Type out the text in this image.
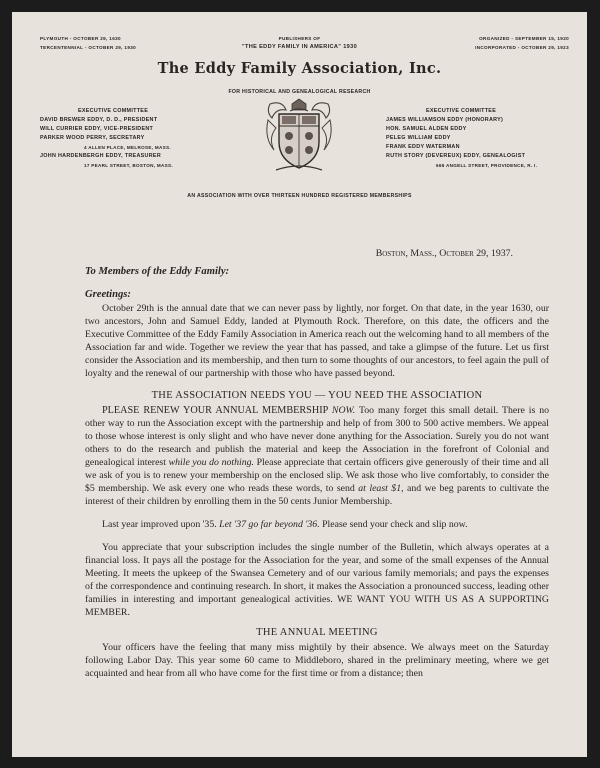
PLYMOUTH - OCTOBER 29, 1630
TERCENTENNIAL - OCTOBER 29, 1930
PUBLISHERS OF
"THE EDDY FAMILY IN AMERICA" 1930
ORGANIZED - SEPTEMBER 15, 1920
INCORPORATED - OCTOBER 29, 1923
The Eddy Family Association, Inc.
FOR HISTORICAL AND GENEALOGICAL RESEARCH
EXECUTIVE COMMITTEE
DAVID BREWER EDDY, D. D., PRESIDENT
WILL CURRIER EDDY, VICE-PRESIDENT
PARKER WOOD PERRY, SECRETARY
4 ALLEN PLACE, MELROSE, MASS.
JOHN HARDENBERGH EDDY, TREASURER
17 PEARL STREET, BOSTON, MASS.
EXECUTIVE COMMITTEE
JAMES WILLIAMSON EDDY (HONORARY)
HON. SAMUEL ALDEN EDDY
PELEG WILLIAM EDDY
FRANK EDDY WATERMAN
RUTH STORY (DEVEREUX) EDDY, GENEALOGIST
666 ANGELL STREET, PROVIDENCE, R. I.
AN ASSOCIATION WITH OVER THIRTEEN HUNDRED REGISTERED MEMBERSHIPS
Boston, Mass., October 29, 1937.
To Members of the Eddy Family:
Greetings:

October 29th is the annual date that we can never pass by lightly, nor forget. On that date, in the year 1630, our two ancestors, John and Samuel Eddy, landed at Plymouth Rock. Therefore, on this date, the officers and the Executive Committee of the Eddy Family Association in America reach out the welcoming hand to all members of the Association far and wide. Together we review the year that has passed, and take a glimpse of the future. Let us first consider the Association and its membership, and then turn to some thoughts of our ancestors, to feel again the pull of loyalty and the renewal of our partnership with those who have passed beyond.

THE ASSOCIATION NEEDS YOU — YOU NEED THE ASSOCIATION

PLEASE RENEW YOUR ANNUAL MEMBERSHIP NOW. Too many forget this small detail. There is no other way to run the Association except with the partnership and help of from 300 to 500 active members. We appeal to those whose interest is only slight and who have never done anything for the Association. Surely you do not want others to do the research and publish the material and keep the Association in the forefront of Colonial and genealogical interest while you do nothing. Please appreciate that certain officers give generously of their time and all we ask of you is to renew your membership on the enclosed slip. We ask those who live comfortably, to consider the $5 membership. We ask every one who reads these words, to send at least $1, and we beg parents to cultivate the interest of their children by enrolling them in the 50 cents Junior Membership.

Last year improved upon '35. Let '37 go far beyond '36. Please send your check and slip now.

You appreciate that your subscription includes the single number of the Bulletin, which always operates at a financial loss. It pays all the postage for the Association for the year, and some of the small expenses of the Annual Meeting. It meets the upkeep of the Swansea Cemetery and of our various family memorials; and pays the expenses of the correspondence and continuing research. In short, it makes the Association a pronounced success, leading other families in interesting and important genealogical activities. WE WANT YOU WITH US AS A SUPPORTING MEMBER.

THE ANNUAL MEETING

Your officers have the feeling that many miss mightily by their absence. We always meet on the Saturday following Labor Day. This year some 60 came to Middleboro, shared in the preliminary meeting, where we get acquainted and hear from all who have come for the first time or from a distance; then
